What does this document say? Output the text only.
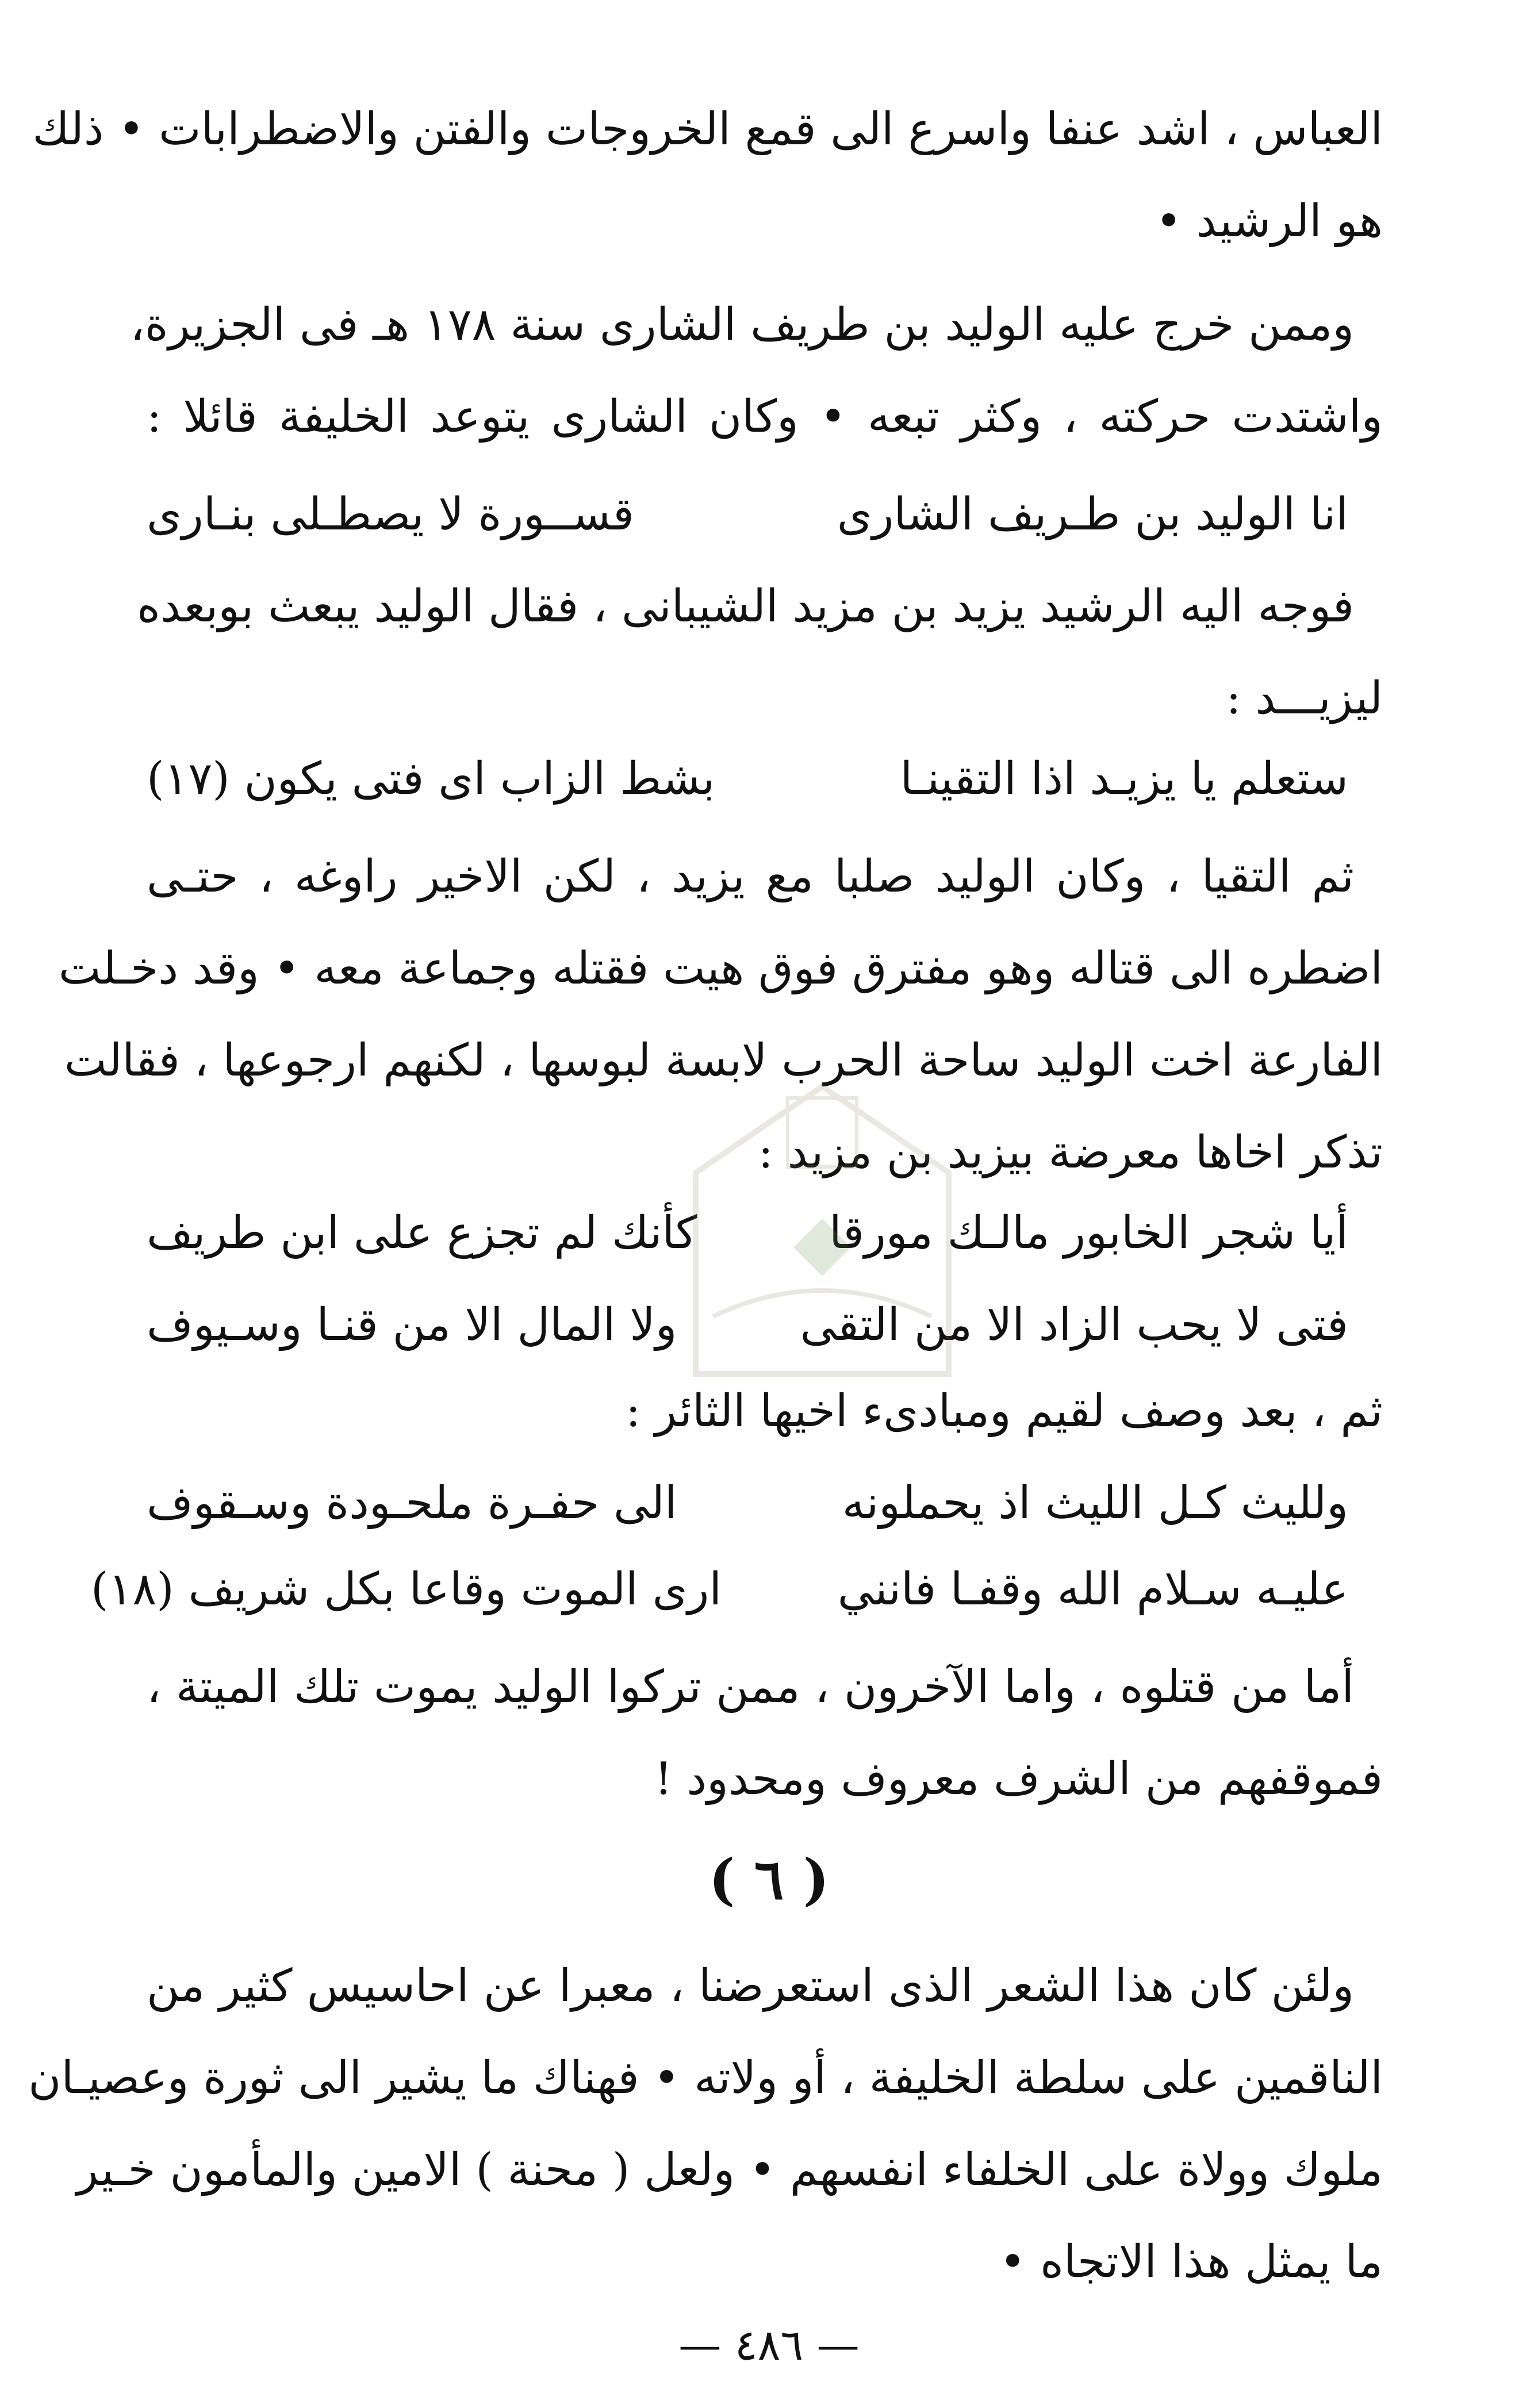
العباس ، اشد عنفا واسرع الى قمع الخروجات والفتن والاضطرابات • ذلك
هو الرشيد •
وممن خرج عليه الوليد بن طريف الشارى سنة ١٧٨ هـ فى الجزيرة،
واشتدت حركته ، وكثر تبعه • وكان الشارى يتوعد الخليفة قائلا :
انا الوليد بن طـريف الشارى
قســورة لا يصطـلى بنـارى
فوجه اليه الرشيد يزيد بن مزيد الشيبانى ، فقال الوليد يبعث بوبعده
ليزيـــد :
ستعلم يا يزيـد اذا التقينـا
بشط الزاب اى فتى يكون (١٧)
ثم التقيا ، وكان الوليد صلبا مع يزيد ، لكن الاخير راوغه ، حتـى
اضطره الى قتاله وهو مفترق فوق هيت فقتله وجماعة معه • وقد دخـلت
الفارعة اخت الوليد ساحة الحرب لابسة لبوسها ، لكنهم ارجوعها ، فقالت
تذكر اخاها معرضة بيزيد بن مزيد :
أيا شجر الخابور مالـك مورقا
كأنك لم تجزع على ابن طريف
فتى لا يحب الزاد الا من التقى
ولا المال الا من قنـا وسـيوف
ثم ، بعد وصف لقيم ومبادىء اخيها الثائر :
ولليث كـل الليث اذ يحملونه
الى حفـرة ملحـودة وسـقوف
عليـه سـلام الله وقفـا فانني
ارى الموت وقاعا بكل شريف (١٨)
أما من قتلوه ، واما الآخرون ، ممن تركوا الوليد يموت تلك الميتة ،
فموقفهم من الشرف معروف ومحدود !
( ٦ )
ولئن كان هذا الشعر الذى استعرضنا ، معبرا عن احاسيس كثير من
الناقمين على سلطة الخليفة ، أو ولاته • فهناك ما يشير الى ثورة وعصيـان
ملوك وولاة على الخلفاء انفسهم • ولعل ( محنة ) الامين والمأمون خـير
ما يمثل هذا الاتجاه •
— ٤٨٦ —
